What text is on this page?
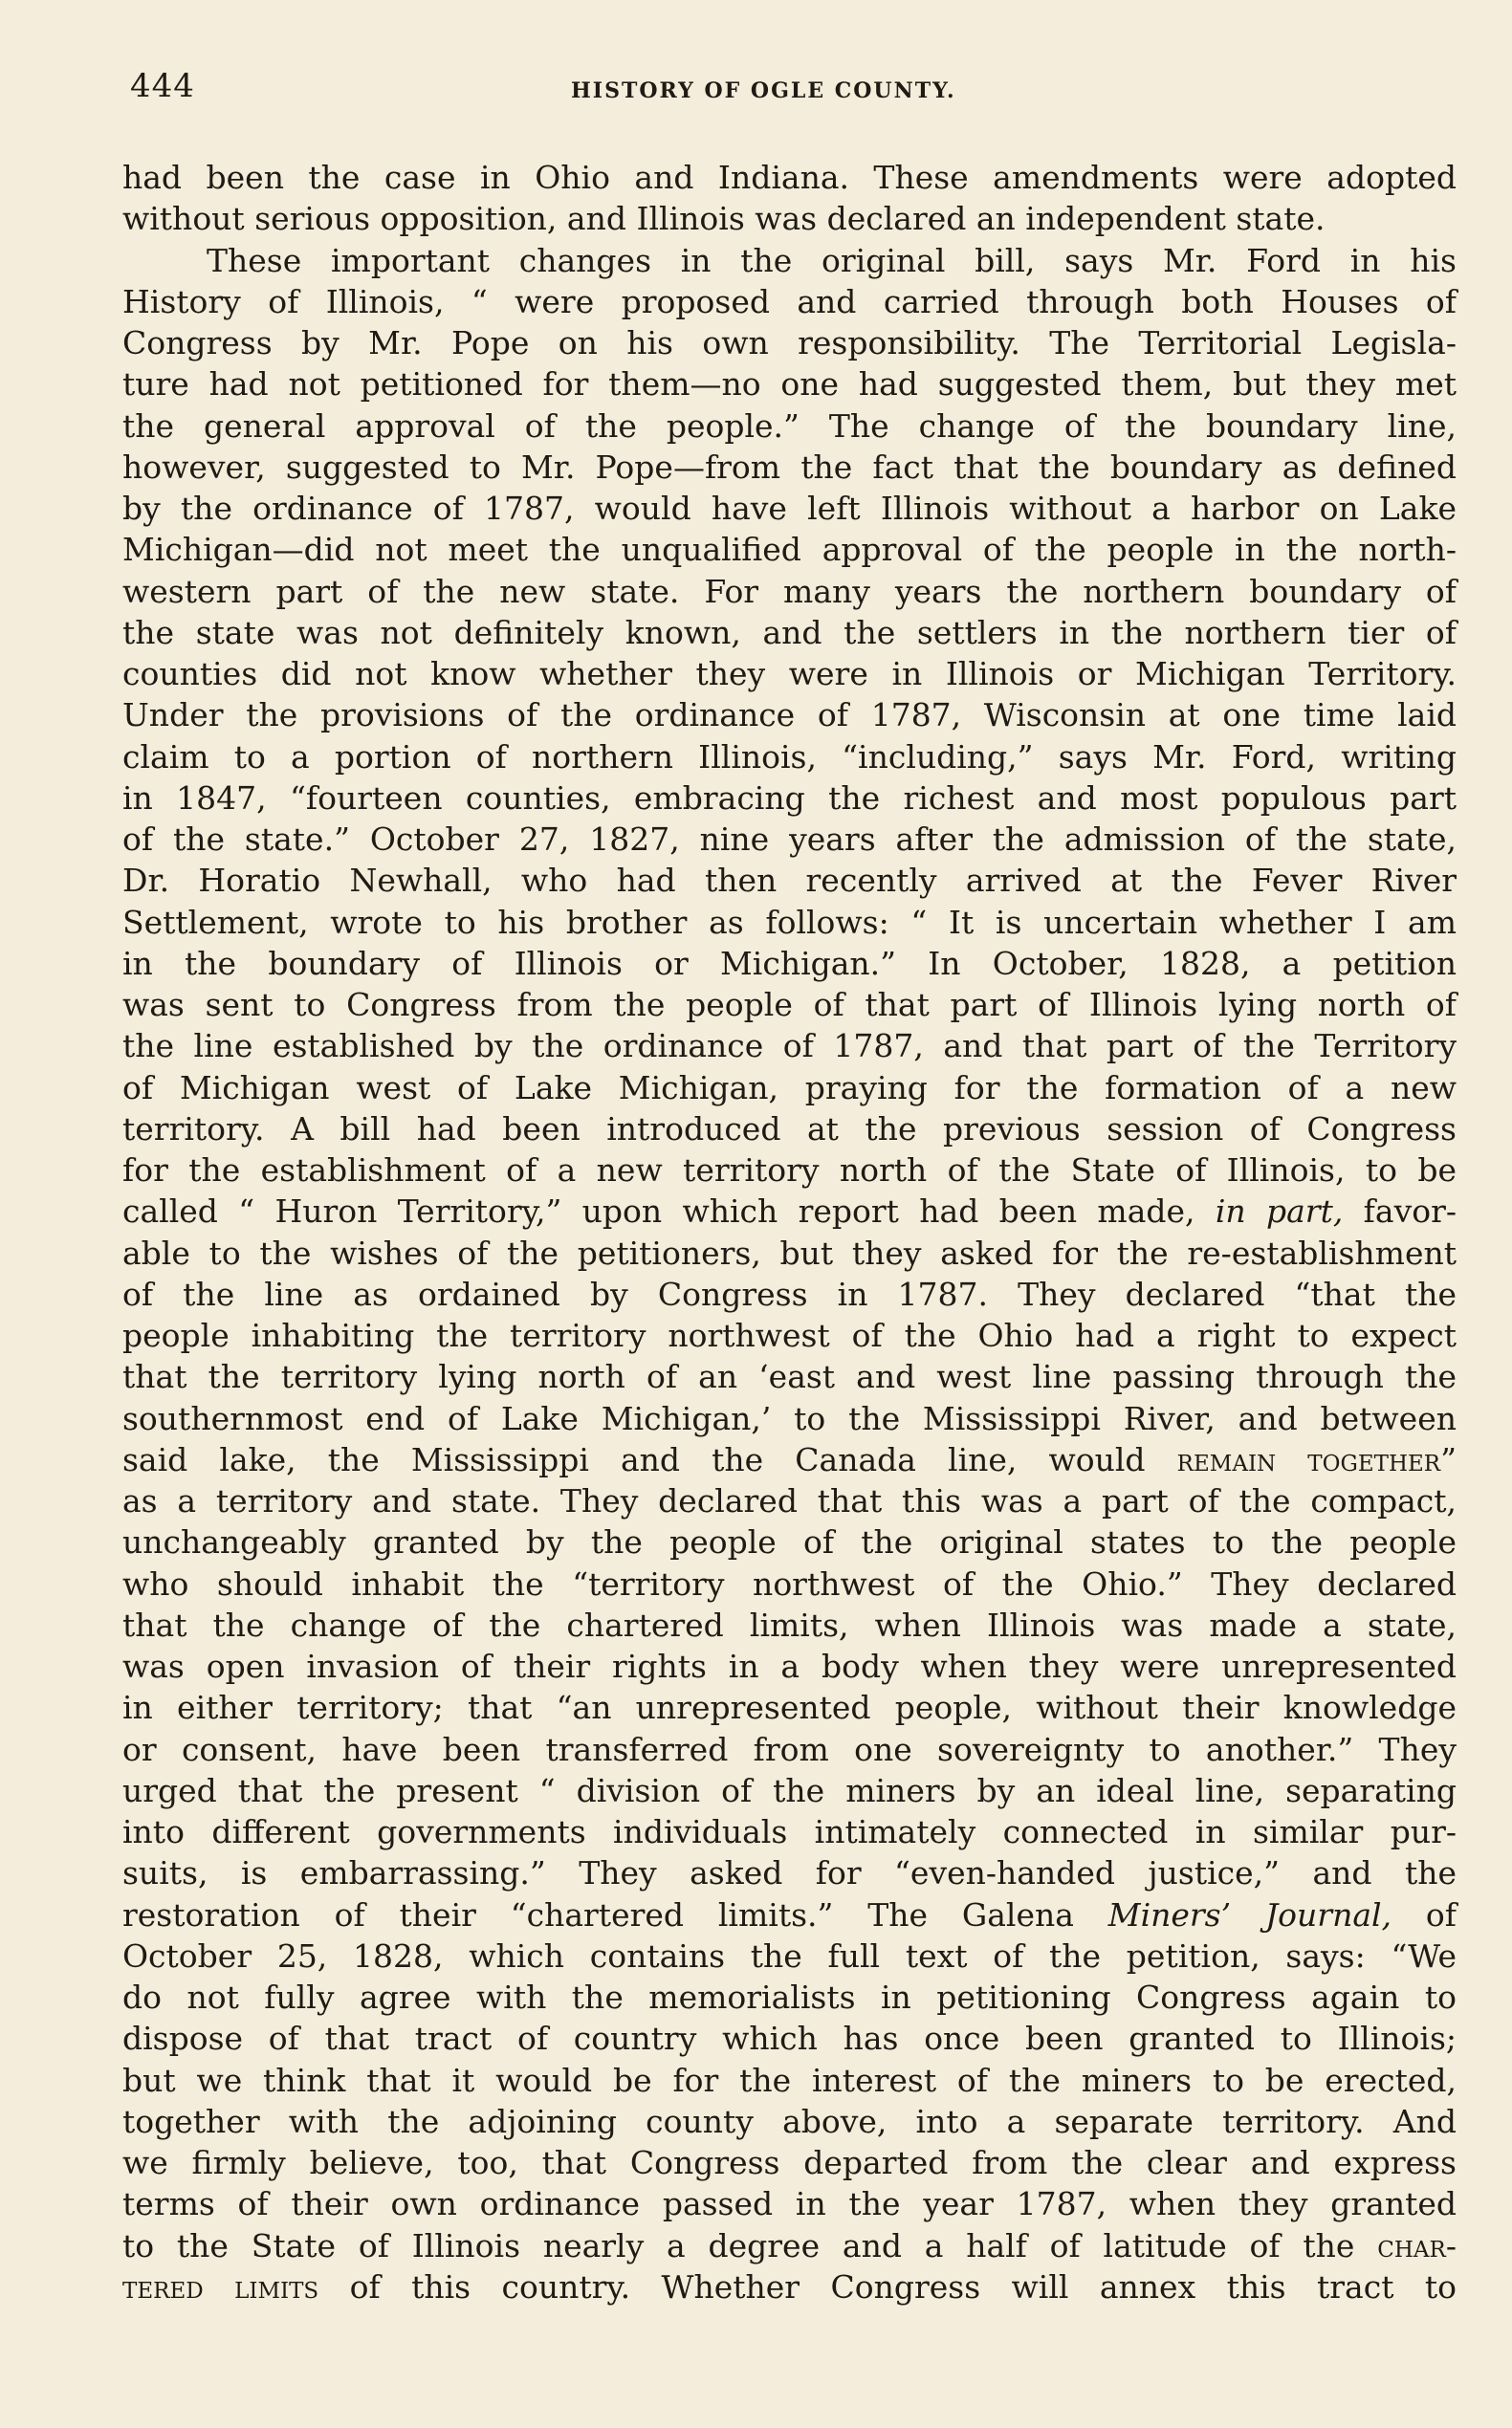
444	HISTORY OF OGLE COUNTY.
had been the case in Ohio and Indiana. These amendments were adopted
without serious opposition, and Illinois was declared an independent state.
These important changes in the original bill, says Mr. Ford in his
History of Illinois, “ were proposed and carried through both Houses of
Congress by Mr. Pope on his own responsibility. The Territorial Legisla-
ture had not petitioned for them—no one had suggested them, but they met
the general approval of the people.” The change of the boundary line,
however, suggested to Mr. Pope—from the fact that the boundary as defined
by the ordinance of 1787, would have left Illinois without a harbor on Lake
Michigan—did not meet the unqualified approval of the people in the north-
western part of the new state. For many years the northern boundary of
the state was not definitely known, and the settlers in the northern tier of
counties did not know whether they were in Illinois or Michigan Territory.
Under the provisions of the ordinance of 1787, Wisconsin at one time laid
claim to a portion of northern Illinois, “including,” says Mr. Ford, writing
in 1847, “fourteen counties, embracing the richest and most populous part
of the state.” October 27, 1827, nine years after the admission of the state,
Dr. Horatio Newhall, who had then recently arrived at the Fever River
Settlement, wrote to his brother as follows: “ It is uncertain whether I am
in the boundary of Illinois or Michigan.” In October, 1828, a petition
was sent to Congress from the people of that part of Illinois lying north of
the line established by the ordinance of 1787, and that part of the Territory
of Michigan west of Lake Michigan, praying for the formation of a new
territory. A bill had been introduced at the previous session of Congress
for the establishment of a new territory north of the State of Illinois, to be
called “ Huron Territory,” upon which report had been made, in part, favor-
able to the wishes of the petitioners, but they asked for the re-establishment
of the line as ordained by Congress in 1787. They declared “that the
people inhabiting the territory northwest of the Ohio had a right to expect
that the territory lying north of an ‘east and west line passing through the
southernmost end of Lake Michigan,’ to the Mississippi River, and between
said lake, the Mississippi and the Canada line, would remain together”
as a territory and state. They declared that this was a part of the compact,
unchangeably granted by the people of the original states to the people
who should inhabit the “territory northwest of the Ohio.” They declared
that the change of the chartered limits, when Illinois was made a state,
was open invasion of their rights in a body when they were unrepresented
in either territory; that “an unrepresented people, without their knowledge
or consent, have been transferred from one sovereignty to another.” They
urged that the present “ division of the miners by an ideal line, separating
into different governments individuals intimately connected in similar pur-
suits, is embarrassing.” They asked for “even-handed justice,” and the
restoration of their “chartered limits.” The Galena Miners’ Journal, of
October 25, 1828, which contains the full text of the petition, says: “We
do not fully agree with the memorialists in petitioning Congress again to
dispose of that tract of country which has once been granted to Illinois;
but we think that it would be for the interest of the miners to be erected,
together with the adjoining county above, into a separate territory. And
we firmly believe, too, that Congress departed from the clear and express
terms of their own ordinance passed in the year 1787, when they granted
to the State of Illinois nearly a degree and a half of latitude of the char-
tered limits of this country. Whether Congress will annex this tract to
